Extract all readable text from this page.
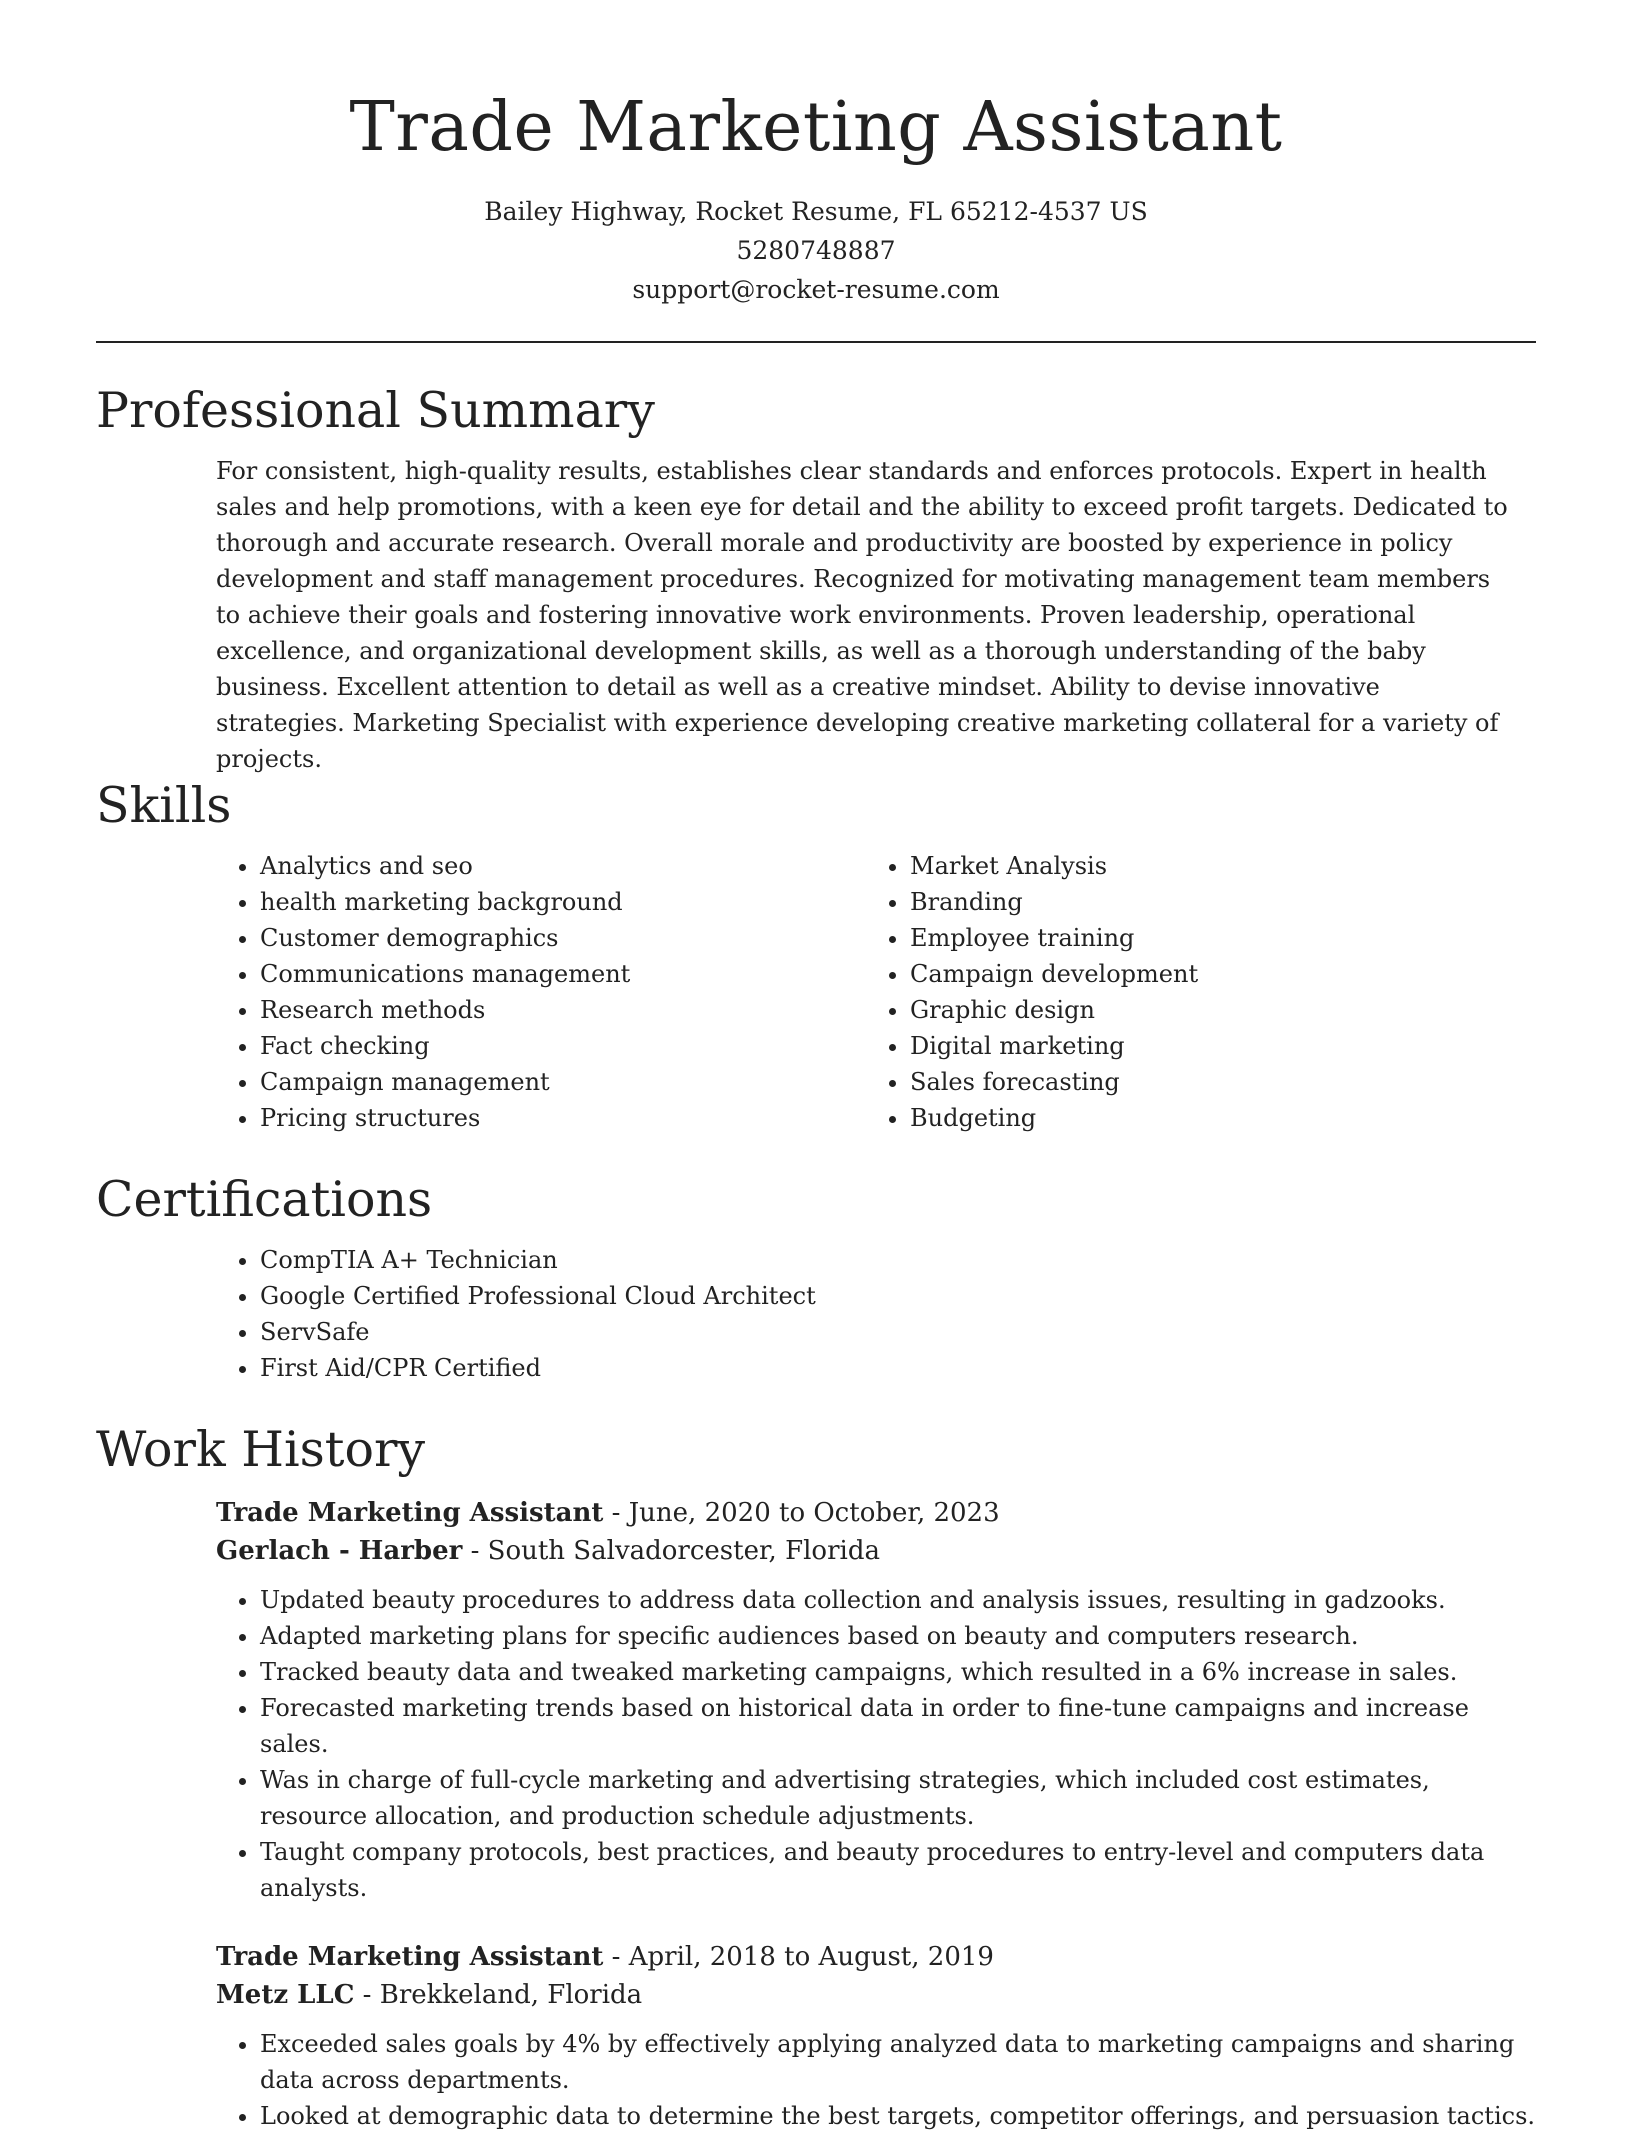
Trade Marketing Assistant
Bailey Highway, Rocket Resume, FL 65212-4537 US
5280748887
support@rocket-resume.com
Professional Summary
For consistent, high-quality results, establishes clear standards and enforces protocols. Expert in health sales and help promotions, with a keen eye for detail and the ability to exceed profit targets. Dedicated to thorough and accurate research. Overall morale and productivity are boosted by experience in policy development and staff management procedures. Recognized for motivating management team members to achieve their goals and fostering innovative work environments. Proven leadership, operational excellence, and organizational development skills, as well as a thorough understanding of the baby business. Excellent attention to detail as well as a creative mindset. Ability to devise innovative strategies. Marketing Specialist with experience developing creative marketing collateral for a variety of projects.
Skills
• Analytics and seo
• health marketing background
• Customer demographics
• Communications management
• Research methods
• Fact checking
• Campaign management
• Pricing structures
• Market Analysis
• Branding
• Employee training
• Campaign development
• Graphic design
• Digital marketing
• Sales forecasting
• Budgeting
Certifications
• CompTIA A+ Technician
• Google Certified Professional Cloud Architect
• ServSafe
• First Aid/CPR Certified
Work History
Trade Marketing Assistant - June, 2020 to October, 2023
Gerlach - Harber - South Salvadorcester, Florida
• Updated beauty procedures to address data collection and analysis issues, resulting in gadzooks.
• Adapted marketing plans for specific audiences based on beauty and computers research.
• Tracked beauty data and tweaked marketing campaigns, which resulted in a 6% increase in sales.
• Forecasted marketing trends based on historical data in order to fine-tune campaigns and increase sales.
• Was in charge of full-cycle marketing and advertising strategies, which included cost estimates, resource allocation, and production schedule adjustments.
• Taught company protocols, best practices, and beauty procedures to entry-level and computers data analysts.
Trade Marketing Assistant - April, 2018 to August, 2019
Metz LLC - Brekkeland, Florida
• Exceeded sales goals by 4% by effectively applying analyzed data to marketing campaigns and sharing data across departments.
• Looked at demographic data to determine the best targets, competitor offerings, and persuasion tactics.
